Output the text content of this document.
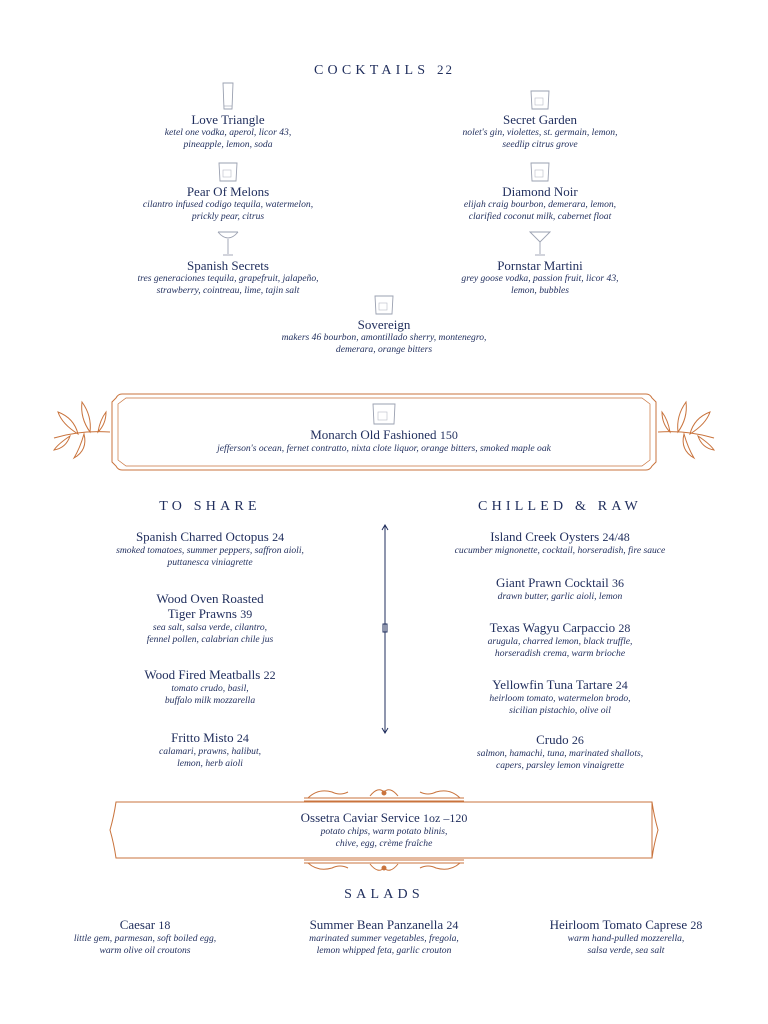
COCKTAILS 22
Love Triangle
ketel one vodka, aperol, licor 43,
pineapple, lemon, soda
Secret Garden
nolet's gin, violettes, st. germain, lemon,
seedlip citrus grove
Pear Of Melons
cilantro infused codigo tequila, watermelon,
prickly pear, citrus
Diamond Noir
elijah craig bourbon, demerara, lemon,
clarified coconut milk, cabernet float
Spanish Secrets
tres generaciones tequila, grapefruit, jalapeño,
strawberry, cointreau, lime, tajin salt
Pornstar Martini
grey goose vodka, passion fruit, licor 43,
lemon, bubbles
Sovereign
makers 46 bourbon, amontillado sherry, montenegro,
demerara, orange bitters
Monarch Old Fashioned 150
jefferson's ocean, fernet contratto, nixta clote liquor, orange bitters, smoked maple oak
TO SHARE
Spanish Charred Octopus 24
smoked tomatoes, summer peppers, saffron aioli,
puttanesca viniagrette
Wood Oven Roasted
Tiger Prawns 39
sea salt, salsa verde, cilantro,
fennel pollen, calabrian chile jus
Wood Fired Meatballs 22
tomato crudo, basil,
buffalo milk mozzarella
Fritto Misto 24
calamari, prawns, halibut,
lemon, herb aioli
CHILLED & RAW
Island Creek Oysters 24/48
cucumber mignonette, cocktail, horseradish, fire sauce
Giant Prawn Cocktail 36
drawn butter, garlic aioli, lemon
Texas Wagyu Carpaccio 28
arugula, charred lemon, black truffle,
horseradish crema, warm brioche
Yellowfin Tuna Tartare 24
heirloom tomato, watermelon brodo,
sicilian pistachio, olive oil
Crudo 26
salmon, hamachi, tuna, marinated shallots,
capers, parsley lemon vinaigrette
Ossetra Caviar Service 1oz –120
potato chips, warm potato blinis,
chive, egg, crème fraîche
SALADS
Caesar 18
little gem, parmesan, soft boiled egg,
warm olive oil croutons
Summer Bean Panzanella 24
marinated summer vegetables, fregola,
lemon whipped feta, garlic crouton
Heirloom Tomato Caprese 28
warm hand-pulled mozzerella,
salsa verde, sea salt
